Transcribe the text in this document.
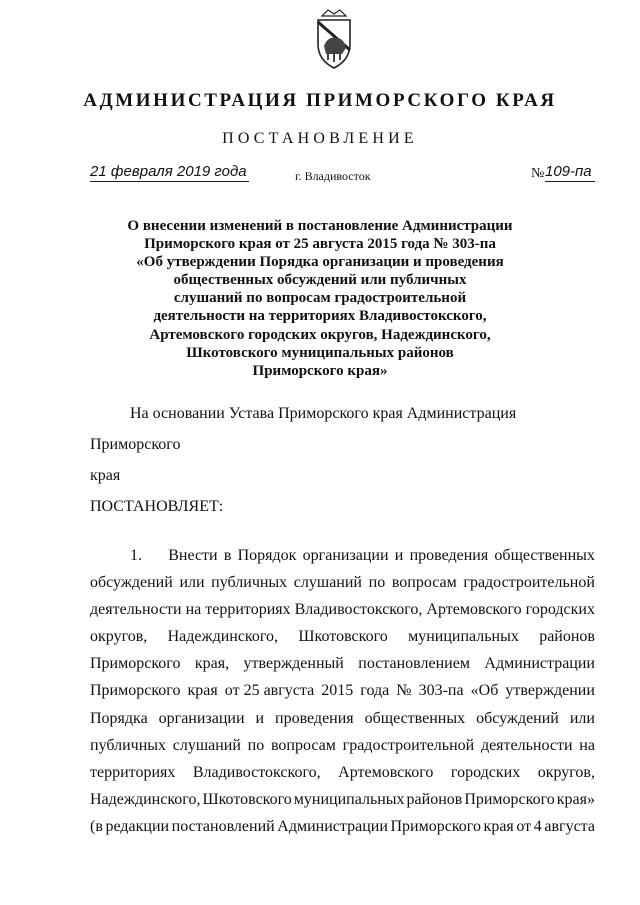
АДМИНИСТРАЦИЯ ПРИМОРСКОГО КРАЯ
ПОСТАНОВЛЕНИЕ
21 февраля 2019 года	г. Владивосток	№ 109-па
О внесении изменений в постановление Администрации
Приморского края от 25 августа 2015 года № 303-па
«Об утверждении Порядка организации и проведения
общественных обсуждений или публичных
слушаний по вопросам градостроительной
деятельности на территориях Владивостокского,
Артемовского городских округов, Надеждинского,
Шкотовского муниципальных районов
Приморского края»
На основании Устава Приморского края Администрация Приморского
края
ПОСТАНОВЛЯЕТ:
1. Внести в Порядок организации и проведения общественных
обсуждений или публичных слушаний по вопросам градостроительной
деятельности на территориях Владивостокского, Артемовского городских
округов, Надеждинского, Шкотовского муниципальных районов
Приморского края, утвержденный постановлением Администрации
Приморского края от 25 августа 2015 года № 303-па «Об утверждении
Порядка организации и проведения общественных обсуждений или
публичных слушаний по вопросам градостроительной деятельности на
территориях Владивостокского, Артемовского городских округов,
Надеждинского, Шкотовского муниципальных районов Приморского края»
(в редакции постановлений Администрации Приморского края от 4 августа
